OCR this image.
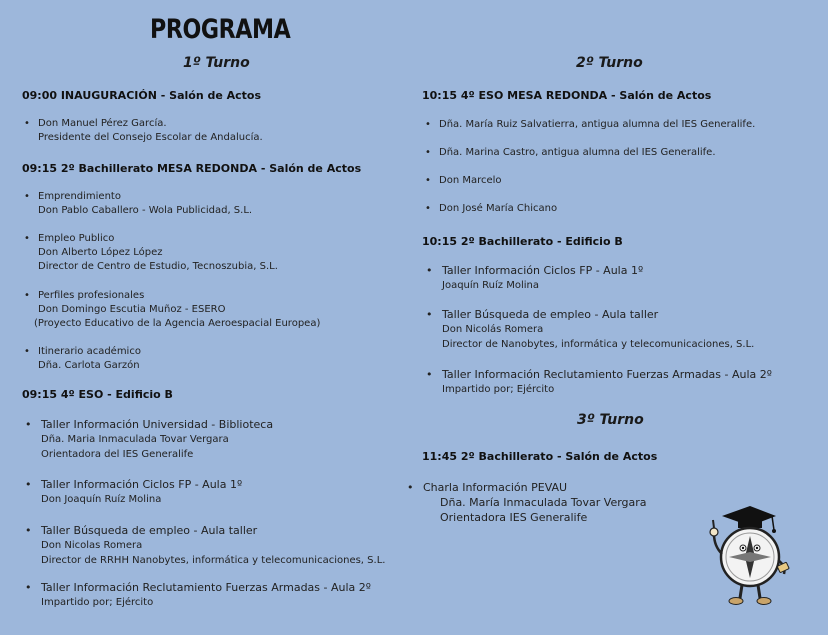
PROGRAMA
1º Turno
09:00 INAUGURACIÓN - Salón de Actos
• Don Manuel Pérez García.
Presidente del Consejo Escolar de Andalucía.
09:15 2º Bachillerato MESA REDONDA - Salón de Actos
• Emprendimiento
Don Pablo Caballero - Wola Publicidad, S.L.
• Empleo Publico
Don Alberto López López
Director de Centro de Estudio, Tecnoszubia, S.L.
• Perfiles profesionales
Don Domingo Escutia Muñoz - ESERO
(Proyecto Educativo de la Agencia Aeroespacial Europea)
• Itinerario académico
Dña. Carlota Garzón
09:15 4º ESO - Edificio B
• Taller Información Universidad - Biblioteca
Dña. Maria Inmaculada Tovar Vergara
Orientadora del IES Generalife
• Taller Información Ciclos FP - Aula 1º
Don Joaquín Ruíz Molina
• Taller Búsqueda de empleo - Aula taller
Don Nicolas Romera
Director de RRHH Nanobytes, informática y telecomunicaciones, S.L.
• Taller Información Reclutamiento Fuerzas Armadas - Aula 2º
Impartido por; Ejército
2º Turno
10:15 4º ESO MESA REDONDA - Salón de Actos
• Dña. María Ruiz Salvatierra, antigua alumna del IES Generalife.
• Dña. Marina Castro, antigua alumna del IES Generalife.
• Don Marcelo
• Don José María Chicano
10:15 2º Bachillerato - Edificio B
• Taller Información Ciclos FP - Aula 1º
Joaquín Ruíz Molina
• Taller Búsqueda de empleo - Aula taller
Don Nicolás Romera
Director de Nanobytes, informática y telecomunicaciones, S.L.
• Taller Información Reclutamiento Fuerzas Armadas - Aula 2º
Impartido por; Ejército
3º Turno
11:45 2º Bachillerato - Salón de Actos
• Charla Información PEVAU
Dña. María Inmaculada Tovar Vergara
Orientadora IES Generalife
